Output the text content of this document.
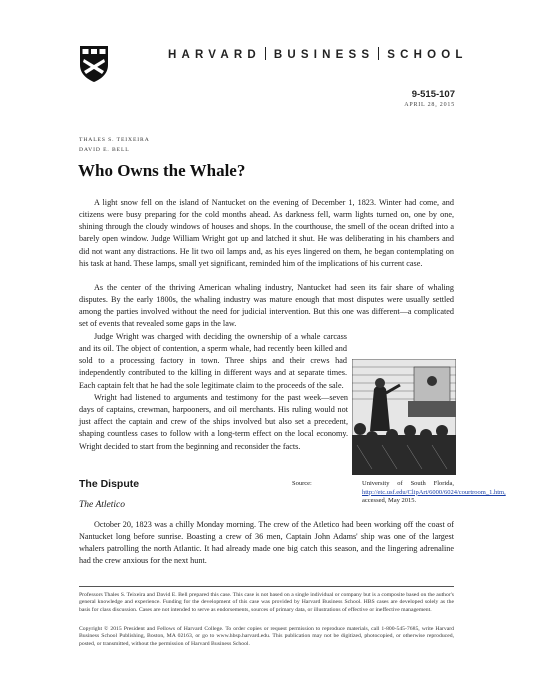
HARVARD BUSINESS SCHOOL
9-515-107
APRIL 28, 2015
THALES S. TEIXEIRA
DAVID E. BELL
Who Owns the Whale?

A light snow fell on the island of Nantucket on the evening of December 1, 1823. Winter had come, and citizens were busy preparing for the cold months ahead. As darkness fell, warm lights turned on, one by one, shining through the cloudy windows of houses and shops. In the courthouse, the smell of the ocean drifted into a barely open window. Judge William Wright got up and latched it shut. He was deliberating in his chambers and did not want any distractions. He lit two oil lamps and, as his eyes lingered on them, he began contemplating on his task at hand. These lamps, small yet significant, reminded him of the implications of his current case.

As the center of the thriving American whaling industry, Nantucket had seen its fair share of whaling disputes. By the early 1800s, the whaling industry was mature enough that most disputes were usually settled among the parties involved without the need for judicial intervention. But this one was different—a complicated set of events that revealed some gaps in the law.

Judge Wright was charged with deciding the ownership of a whale carcass and its oil. The object of contention, a sperm whale, had recently been killed and sold to a processing factory in town. Three ships and their crews had independently contributed to the killing in different ways and at separate times. Each captain felt that he had the sole legitimate claim to the proceeds of the sale.

Wright had listened to arguments and testimony for the past week—seven days of captains, crewman, harpooners, and oil merchants. His ruling would not just affect the captain and crew of the ships involved but also set a precedent, shaping countless cases to follow with a long-term effect on the local economy. Wright decided to start from the beginning and reconsider the facts.

Source:	University of South Florida, http://etc.usf.edu/ClipArt/6000/6024/courtroom_1.htm, accessed, May 2015.
The Dispute
The Atletico

October 20, 1823 was a chilly Monday morning. The crew of the Atletico had been working off the coast of Nantucket long before sunrise. Boasting a crew of 36 men, Captain John Adams' ship was one of the largest whalers patrolling the north Atlantic. It had already made one big catch this season, and the lingering adrenaline had the crew anxious for the next hunt.

Professors Thales S. Teixeira and David E. Bell prepared this case. This case is not based on a single individual or company but is a composite based on the author's general knowledge and experience. Funding for the development of this case was provided by Harvard Business School. HBS cases are developed solely as the basis for class discussion. Cases are not intended to serve as endorsements, sources of primary data, or illustrations of effective or ineffective management.

Copyright © 2015 President and Fellows of Harvard College. To order copies or request permission to reproduce materials, call 1-800-545-7685, write Harvard Business School Publishing, Boston, MA 02163, or go to www.hbsp.harvard.edu. This publication may not be digitized, photocopied, or otherwise reproduced, posted, or transmitted, without the permission of Harvard Business School.
